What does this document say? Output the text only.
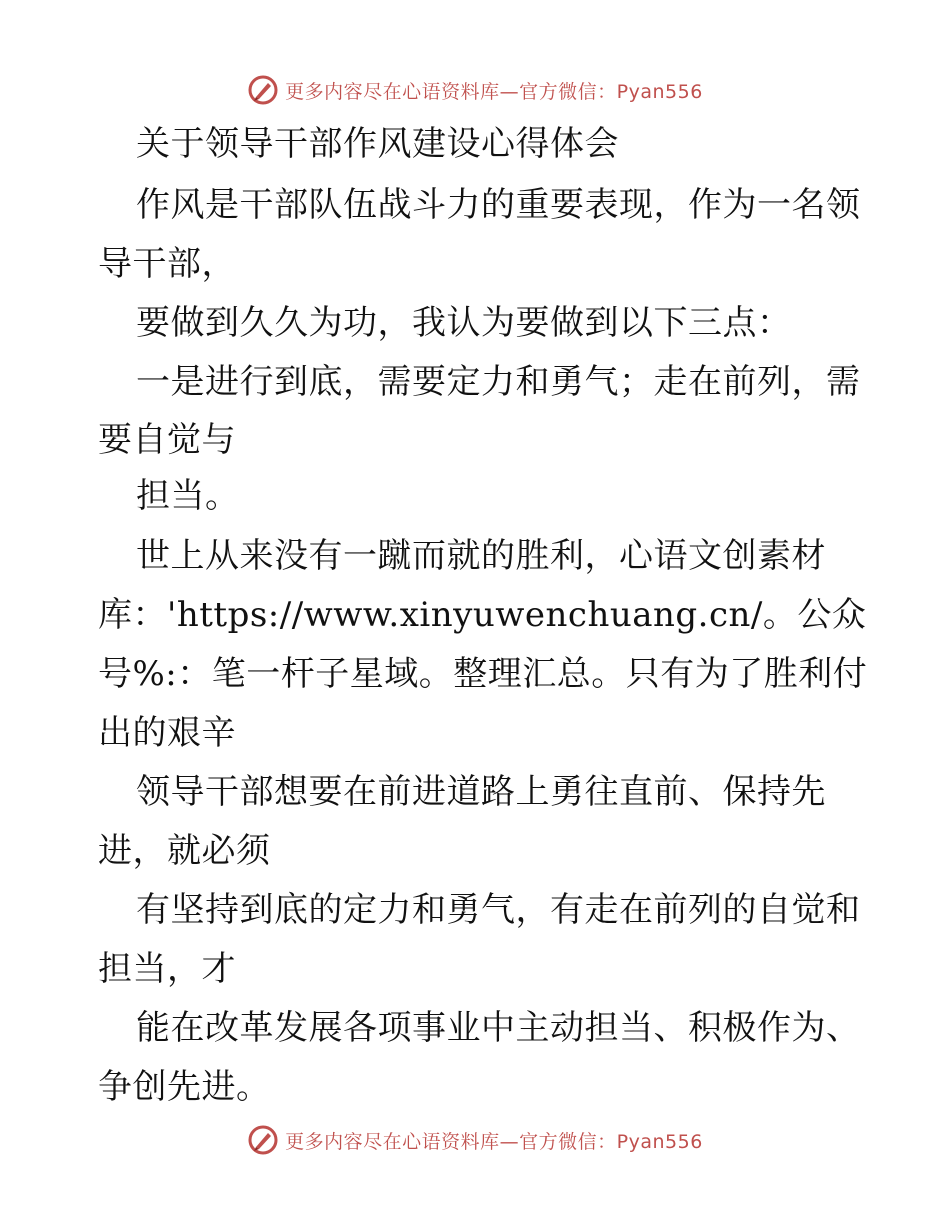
更多内容尽在心语资料库—官方微信：Pyan556
关于领导干部作风建设心得体会
作风是干部队伍战斗力的重要表现，作为一名领
导干部，
要做到久久为功，我认为要做到以下三点：
一是进行到底，需要定力和勇气；走在前列，需
要自觉与
担当。
世上从来没有一蹴而就的胜利，心语文创素材
库：'https://www.xinyuwenchuang.cn/。公众
号%:：笔一杆子星域。整理汇总。只有为了胜利付
出的艰辛
领导干部想要在前进道路上勇往直前、保持先
进，就必须
有坚持到底的定力和勇气，有走在前列的自觉和
担当，才
能在改革发展各项事业中主动担当、积极作为、
争创先进。
更多内容尽在心语资料库—官方微信：Pyan556
